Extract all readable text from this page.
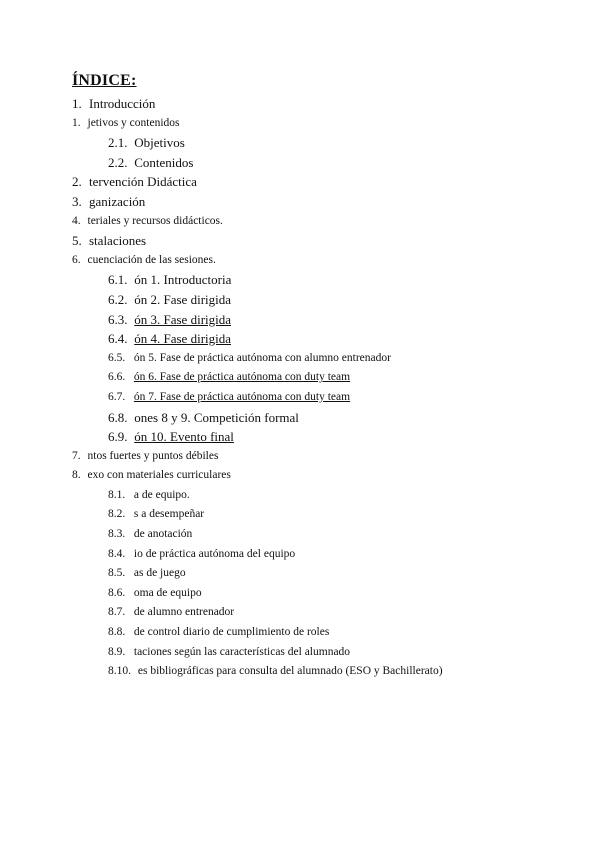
ÍNDICE:
1. Introducción
1. jetivos y contenidos
2.1. Objetivos
2.2. Contenidos
2. tervención Didáctica
3. ganización
4. teriales y recursos didácticos.
5. stalaciones
6. cuenciación de las sesiones.
6.1. ón 1. Introductoria
6.2. ón 2. Fase dirigida
6.3. ón 3. Fase dirigida
6.4. ón 4. Fase dirigida
6.5. ón 5. Fase de práctica autónoma con alumno entrenador
6.6. ón 6. Fase de práctica autónoma con duty team
6.7. ón 7. Fase de práctica autónoma con duty team
6.8. ones 8 y 9. Competición formal
6.9. ón 10. Evento final
7. ntos fuertes y puntos débiles
8. exo con materiales curriculares
8.1. a de equipo.
8.2. s a desempeñar
8.3. de anotación
8.4. io de práctica autónoma del equipo
8.5. as de juego
8.6. oma de equipo
8.7. de alumno entrenador
8.8. de control diario de cumplimiento de roles
8.9. taciones según las características del alumnado
8.10. es bibliográficas para consulta del alumnado (ESO y Bachillerato)
